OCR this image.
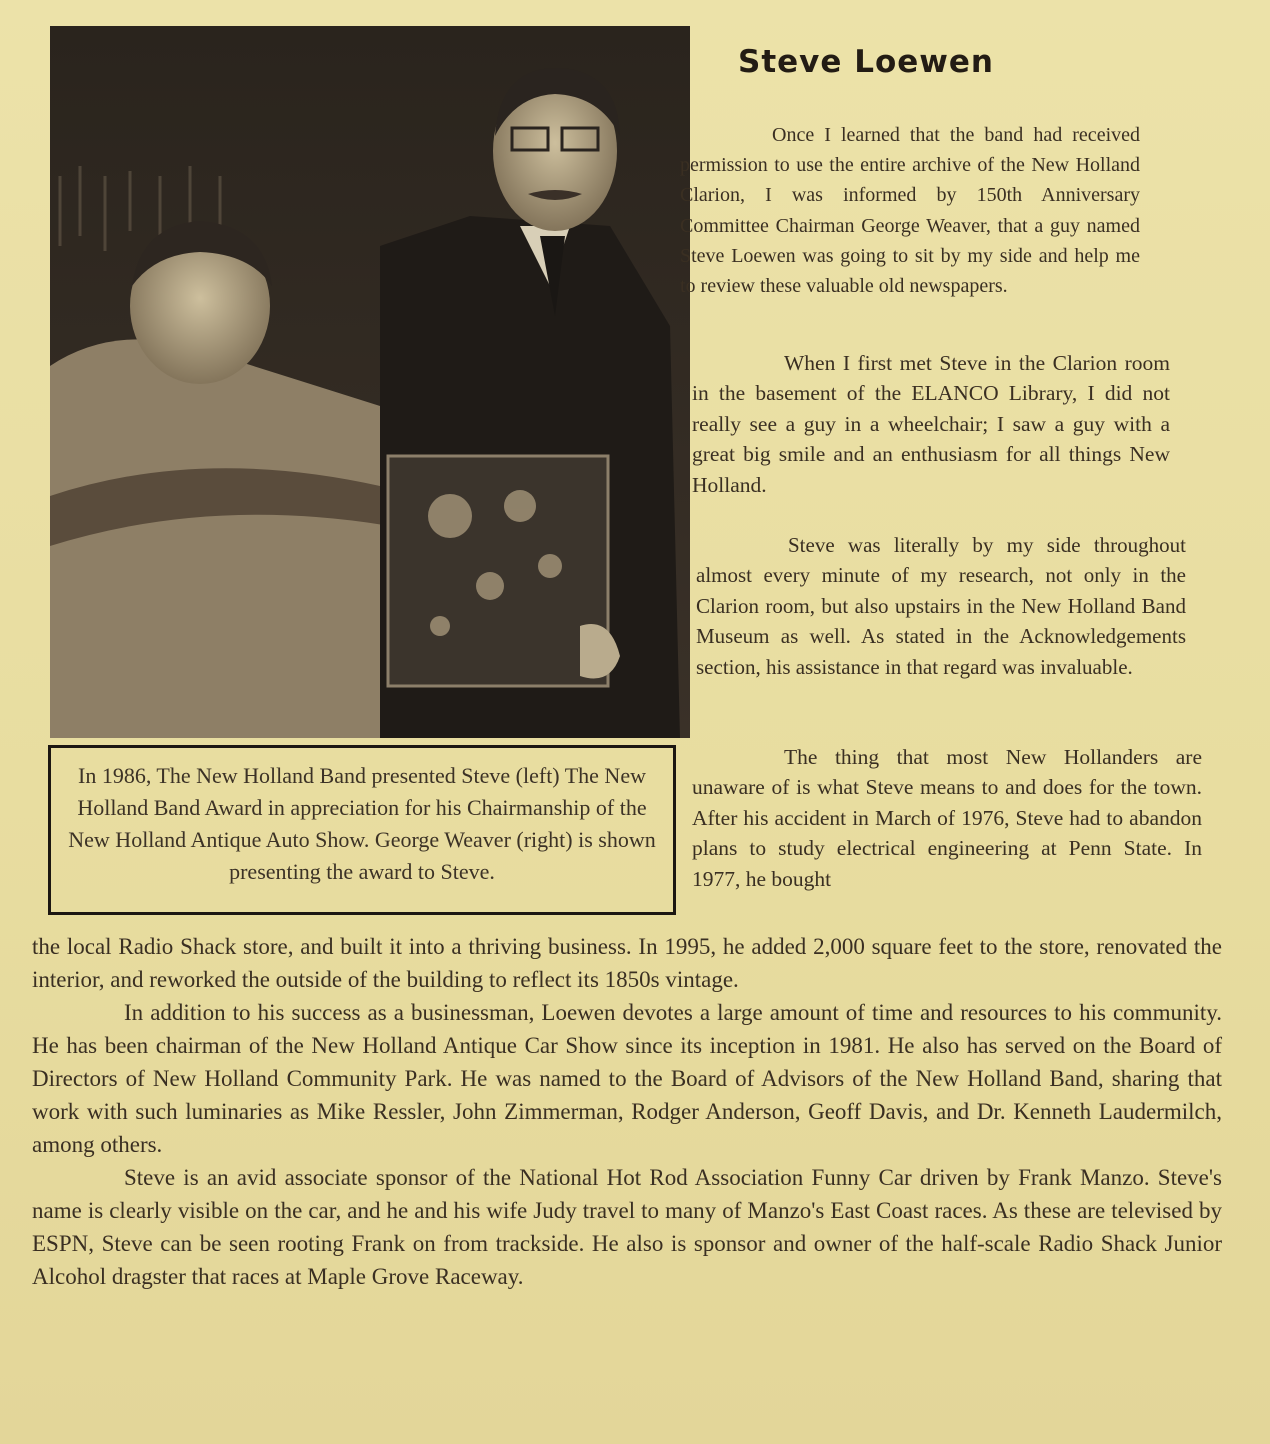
Steve Loewen

Once I learned that the band had received permission to use the entire archive of the New Holland Clarion, I was informed by 150th Anniversary Committee Chairman George Weaver, that a guy named Steve Loewen was going to sit by my side and help me to review these valuable old newspapers.

When I first met Steve in the Clarion room in the basement of the ELANCO Library, I did not really see a guy in a wheelchair; I saw a guy with a great big smile and an enthusiasm for all things New Holland.

Steve was literally by my side throughout almost every minute of my research, not only in the Clarion room, but also upstairs in the New Holland Band Museum as well. As stated in the Acknowledgements section, his assistance in that regard was invaluable.

The thing that most New Hollanders are unaware of is what Steve means to and does for the town. After his accident in March of 1976, Steve had to abandon plans to study electrical engineering at Penn State. In 1977, he bought

In 1986, The New Holland Band presented Steve (left) The New Holland Band Award in appreciation for his Chairmanship of the New Holland Antique Auto Show. George Weaver (right) is shown presenting the award to Steve.

the local Radio Shack store, and built it into a thriving business. In 1995, he added 2,000 square feet to the store, renovated the interior, and reworked the outside of the building to reflect its 1850s vintage.

In addition to his success as a businessman, Loewen devotes a large amount of time and resources to his community. He has been chairman of the New Holland Antique Car Show since its inception in 1981. He also has served on the Board of Directors of New Holland Community Park. He was named to the Board of Advisors of the New Holland Band, sharing that work with such luminaries as Mike Ressler, John Zimmerman, Rodger Anderson, Geoff Davis, and Dr. Kenneth Laudermilch, among others.

Steve is an avid associate sponsor of the National Hot Rod Association Funny Car driven by Frank Manzo. Steve's name is clearly visible on the car, and he and his wife Judy travel to many of Manzo's East Coast races. As these are televised by ESPN, Steve can be seen rooting Frank on from trackside. He also is sponsor and owner of the half-scale Radio Shack Junior Alcohol dragster that races at Maple Grove Raceway.
